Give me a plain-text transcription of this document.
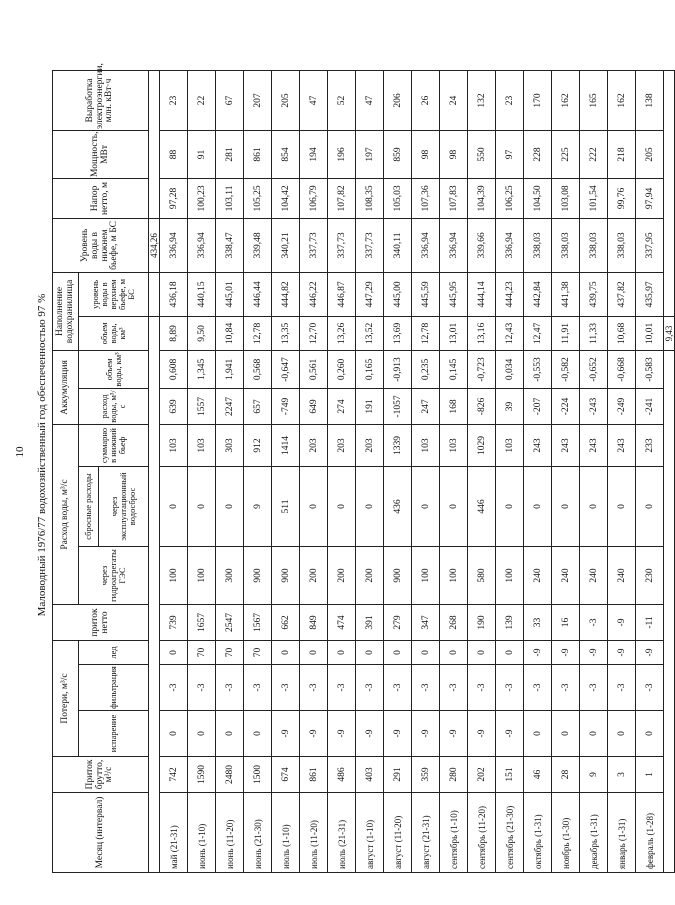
10 Маловодный 1976/77 водохозяйственный год обеспеченностью 97 %
Месяц (интервал)	Приток брутто, м³/с	Потери, м³/с			приток нетто	Расход воды, м³/с			Аккумуляция		Наполнение водохранилища		Уровень воды в нижнем бьефе, м БС	Напор нетто, м	Мощность, МВт	Выработка электроэнергии, млн. кВт·ч
		испарение	фильтрация	лед		через гидроагрегаты ГЭС	сбросные расходы	суммарно в нижний бьеф	расход воды, м³/с	объем воды, км³	объем воды, км³	уровень воды в верхнем бьефе, м БС				
							через эксплуатационный водосброс									
													434,26			
май (21-31)	742	0	-3	0	739	100	0	103	639	0,608	8,89	436,18	336,94	97,28	88	23
июнь (1-10)	1590	0	-3	70	1657	100	0	103	1557	1,345	9,50	440,15	336,94	100,23	91	22
июнь (11-20)	2480	0	-3	70	2547	300	0	303	2247	1,941	10,84	445,01	338,47	103,11	281	67
июнь (21-30)	1500	0	-3	70	1567	900	9	912	657	0,568	12,78	446,44	339,48	105,25	861	207
июль (1-10)	674	-9	-3	0	662	900	511	1414	-749	-0,647	13,35	444,82	340,21	104,42	854	205
июль (11-20)	861	-9	-3	0	849	200	0	203	649	0,561	12,70	446,22	337,73	106,79	194	47
июль (21-31)	486	-9	-3	0	474	200	0	203	274	0,260	13,26	446,87	337,73	107,82	196	52
август (1-10)	403	-9	-3	0	391	200	0	203	191	0,165	13,52	447,29	337,73	108,35	197	47
август (11-20)	291	-9	-3	0	279	900	436	1339	-1057	-0,913	13,69	445,00	340,11	105,03	859	206
август (21-31)	359	-9	-3	0	347	100	0	103	247	0,235	12,78	445,59	336,94	107,36	98	26
сентябрь (1-10)	280	-9	-3	0	268	100	0	103	168	0,145	13,01	445,95	336,94	107,83	98	24
сентябрь (11-20)	202	-9	-3	0	190	580	446	1029	-826	-0,723	13,16	444,14	339,66	104,39	550	132
сентябрь (21-30)	151	-9	-3	0	139	100	0	103	39	0,034	12,43	444,23	336,94	106,25	97	23
октябрь (1-31)	46	0	-3	-9	33	240	0	243	-207	-0,553	12,47	442,84	338,03	104,50	228	170
ноябрь (1-30)	28	0	-3	-9	16	240	0	243	-224	-0,582	11,91	441,38	338,03	103,08	225	162
декабрь (1-31)	9	0	-3	-9	-3	240	0	243	-243	-0,652	11,33	439,75	338,03	101,54	222	165
январь (1-31)	3	0	-3	-9	-9	240	0	243	-249	-0,668	10,68	437,82	338,03	99,76	218	162
февраль (1-28)	1	0	-3	-9	-11	230	0	233	-241	-0,583	10,01	435,97	337,95	97,94	205	138
											9,43					
